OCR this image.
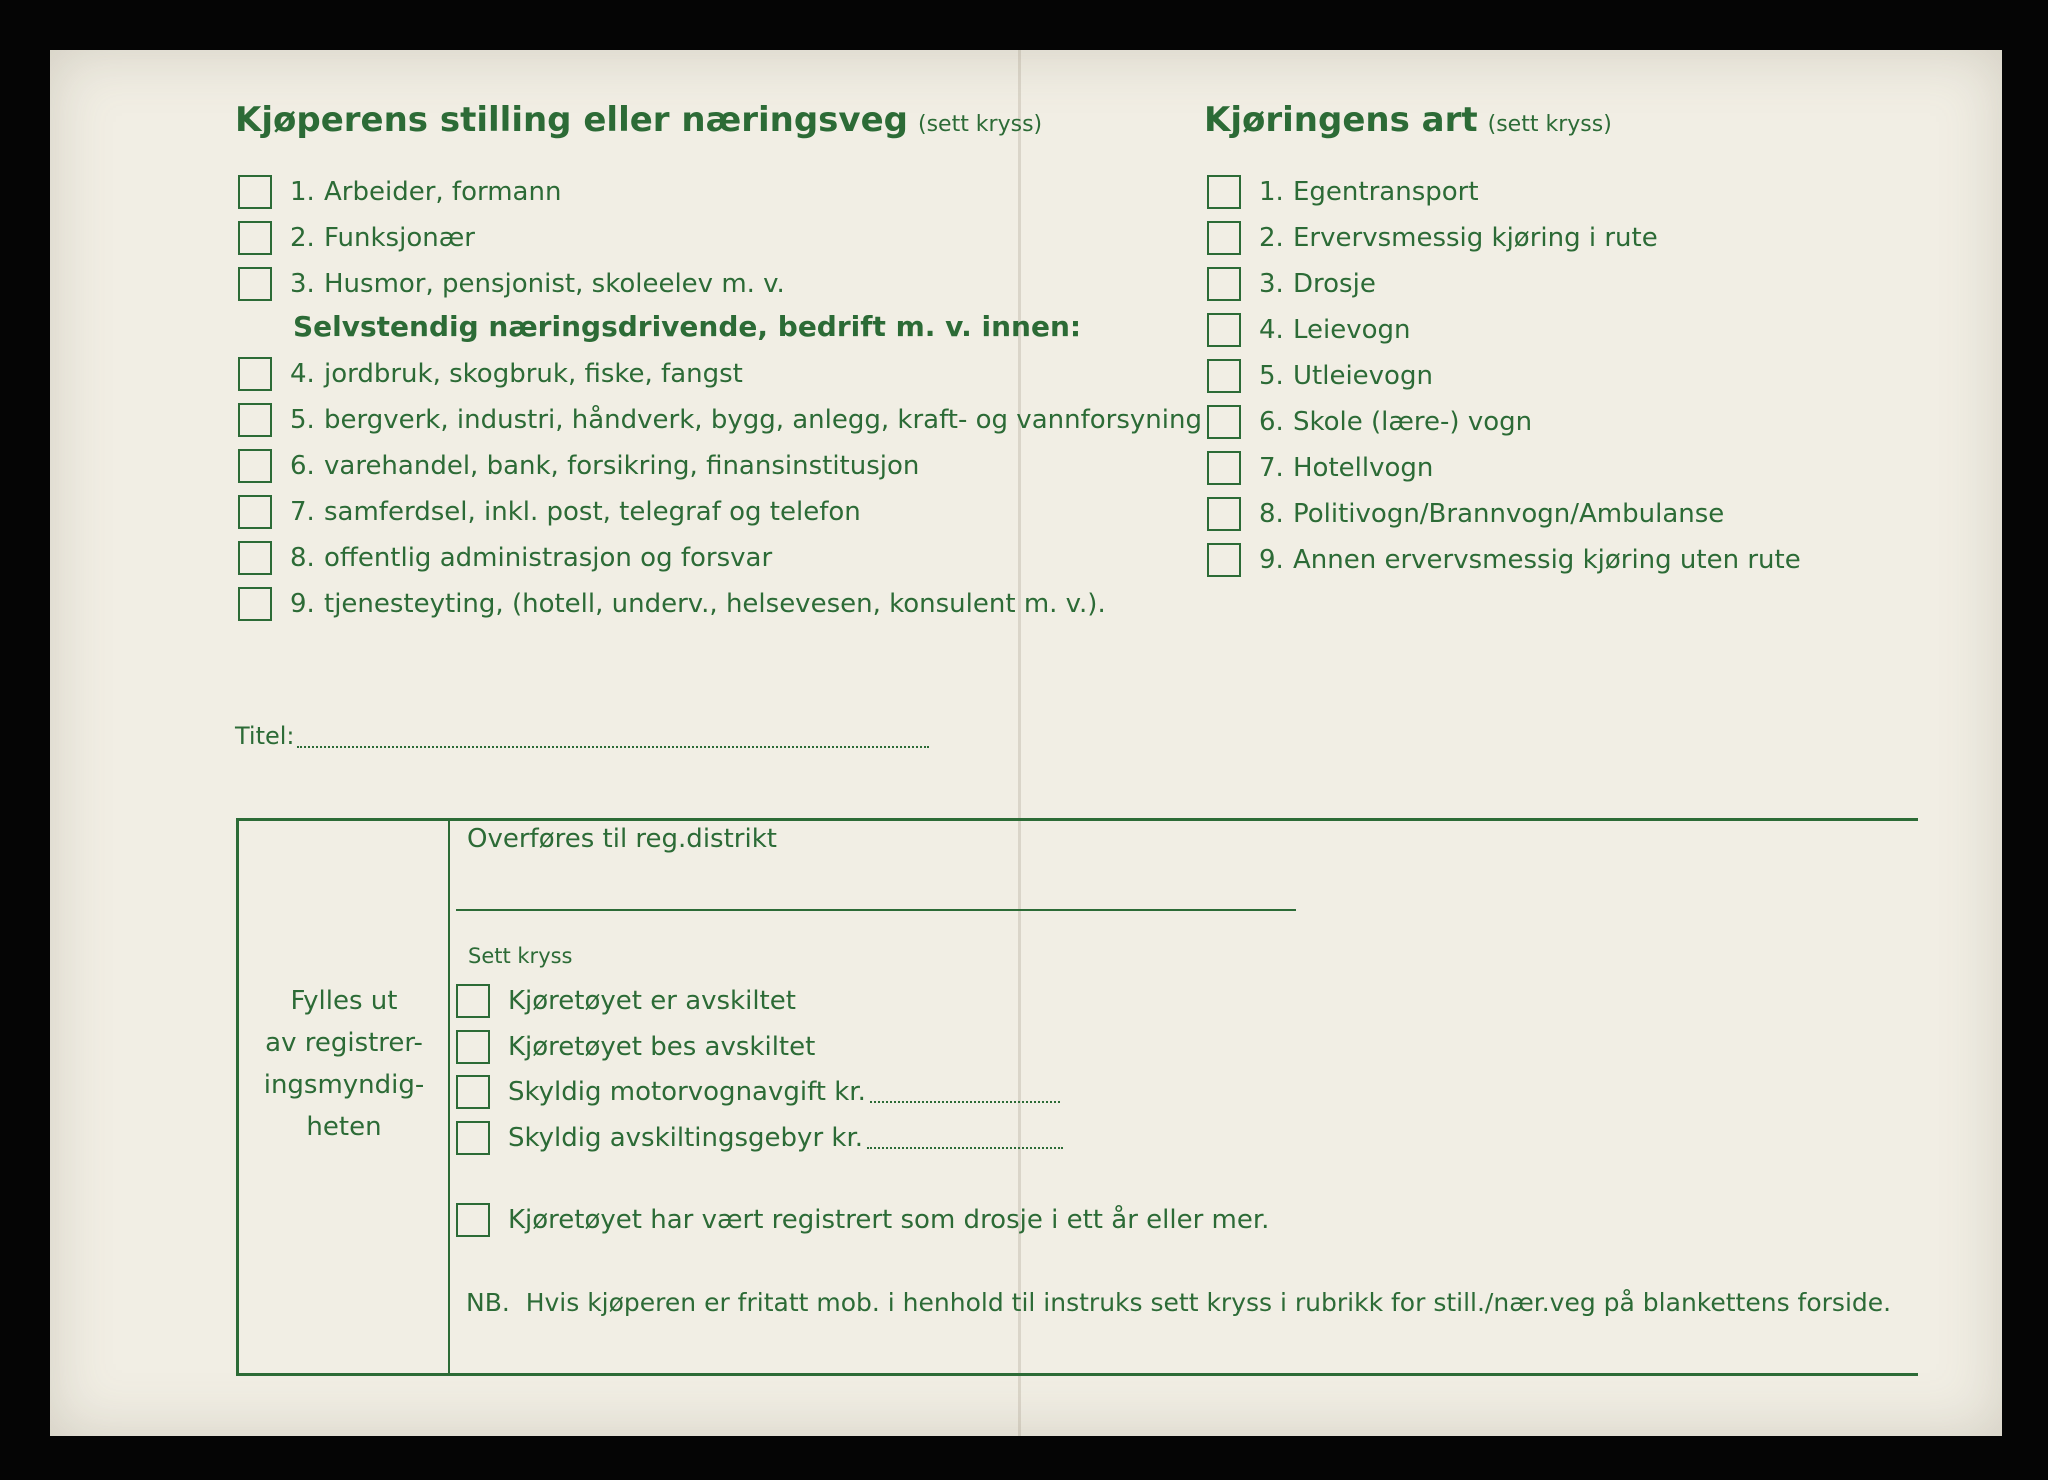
Kjøperens stilling eller næringsveg (sett kryss)
1. Arbeider, formann
2. Funksjonær
3. Husmor, pensjonist, skoleelev m. v.
Selvstendig næringsdrivende, bedrift m. v. innen:
4. jordbruk, skogbruk, fiske, fangst
5. bergverk, industri, håndverk, bygg, anlegg, kraft- og vannforsyning
6. varehandel, bank, forsikring, finansinstitusjon
7. samferdsel, inkl. post, telegraf og telefon
8. offentlig administrasjon og forsvar
9. tjenesteyting, (hotell, underv., helsevesen, konsulent m. v.).
Kjøringens art (sett kryss)
1. Egentransport
2. Ervervsmessig kjøring i rute
3. Drosje
4. Leievogn
5. Utleievogn
6. Skole (lære-) vogn
7. Hotellvogn
8. Politivogn/Brannvogn/Ambulanse
9. Annen ervervsmessig kjøring uten rute
Titel:
Fylles ut
av registrer-
ingsmyndig-
heten
Overføres til reg.distrikt
Sett kryss
Kjøretøyet er avskiltet
Kjøretøyet bes avskiltet
Skyldig motorvognavgift kr.
Skyldig avskiltingsgebyr kr.
Kjøretøyet har vært registrert som drosje i ett år eller mer.
NB.  Hvis kjøperen er fritatt mob. i henhold til instruks sett kryss i rubrikk for still./nær.veg på blankettens forside.
